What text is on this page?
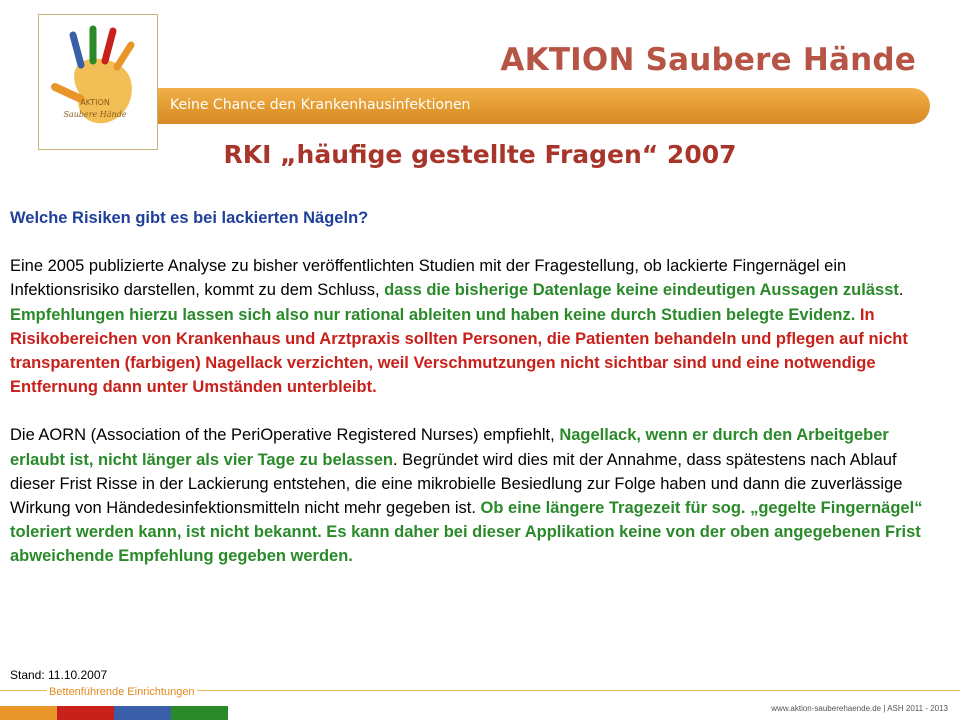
AKTION
Saubere Hände
AKTION Saubere Hände
Keine Chance den Krankenhausinfektionen
RKI „häufige gestellte Fragen“ 2007

Welche Risiken gibt es bei lackierten Nägeln?

Eine 2005 publizierte Analyse zu bisher veröffentlichten Studien mit der Fragestellung, ob lackierte Fingernägel ein Infektionsrisiko darstellen, kommt zu dem Schluss, dass die bisherige Datenlage keine eindeutigen Aussagen zulässt. Empfehlungen hierzu lassen sich also nur rational ableiten und haben keine durch Studien belegte Evidenz. In Risikobereichen von Krankenhaus und Arztpraxis sollten Personen, die Patienten behandeln und pflegen auf nicht transparenten (farbigen) Nagellack verzichten, weil Verschmutzungen nicht sichtbar sind und eine notwendige Entfernung dann unter Umständen unterbleibt.

Die AORN (Association of the PeriOperative Registered Nurses) empfiehlt, Nagellack, wenn er durch den Arbeitgeber erlaubt ist, nicht länger als vier Tage zu belassen. Begründet wird dies mit der Annahme, dass spätestens nach Ablauf dieser Frist Risse in der Lackierung entstehen, die eine mikrobielle Besiedlung zur Folge haben und dann die zuverlässige Wirkung von Händedesinfektionsmitteln nicht mehr gegeben ist. Ob eine längere Tragezeit für sog. „gegelte Fingernägel“ toleriert werden kann, ist nicht bekannt. Es kann daher bei dieser Applikation keine von der oben angegebenen Frist abweichende Empfehlung gegeben werden.

Stand: 11.10.2007
Bettenführende Einrichtungen
www.aktion-sauberehaende.de | ASH 2011 - 2013
